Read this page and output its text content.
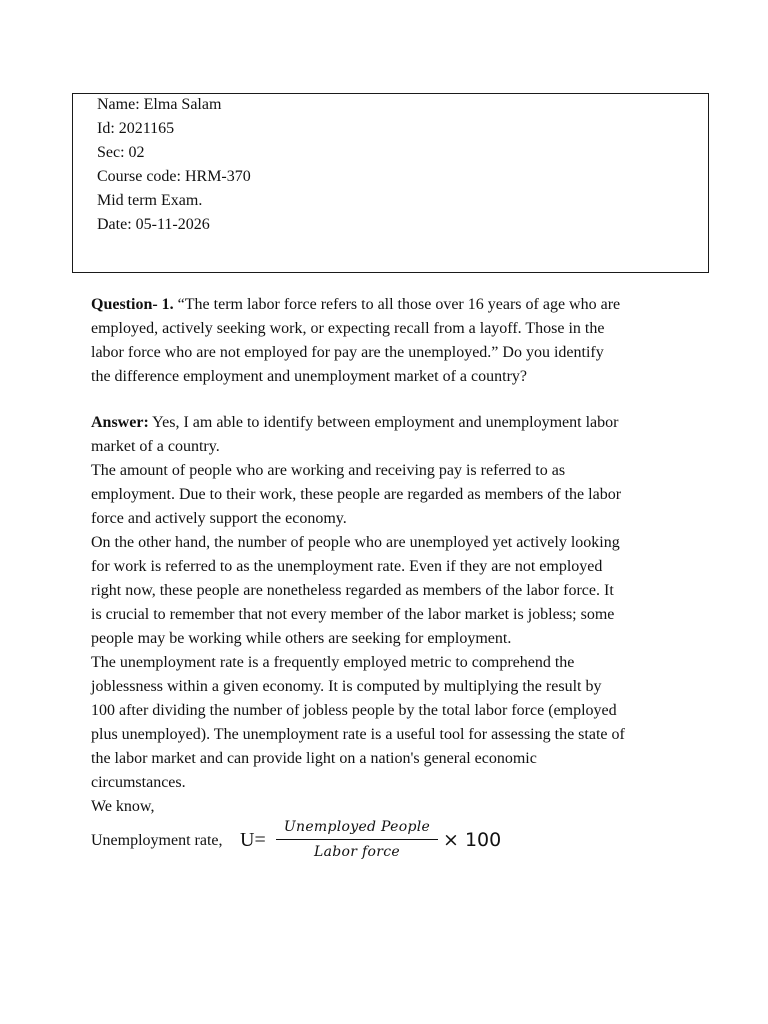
Name: Elma Salam
Id: 2021165
Sec: 02
Course code: HRM-370
Mid term Exam.
Date: 05-11-2026
Question- 1. “The term labor force refers to all those over 16 years of age who are
employed, actively seeking work, or expecting recall from a layoff. Those in the
labor force who are not employed for pay are the unemployed.” Do you identify
the difference employment and unemployment market of a country?
Answer: Yes, I am able to identify between employment and unemployment labor
market of a country.
The amount of people who are working and receiving pay is referred to as
employment. Due to their work, these people are regarded as members of the labor
force and actively support the economy.
On the other hand, the number of people who are unemployed yet actively looking
for work is referred to as the unemployment rate. Even if they are not employed
right now, these people are nonetheless regarded as members of the labor force. It
is crucial to remember that not every member of the labor market is jobless; some
people may be working while others are seeking for employment.
The unemployment rate is a frequently employed metric to comprehend the
joblessness within a given economy. It is computed by multiplying the result by
100 after dividing the number of jobless people by the total labor force (employed
plus unemployed). The unemployment rate is a useful tool for assessing the state of
the labor market and can provide light on a nation's general economic
circumstances.
We know,
Unemployment rate, U=
Unemployed People
Labor force
× 100
